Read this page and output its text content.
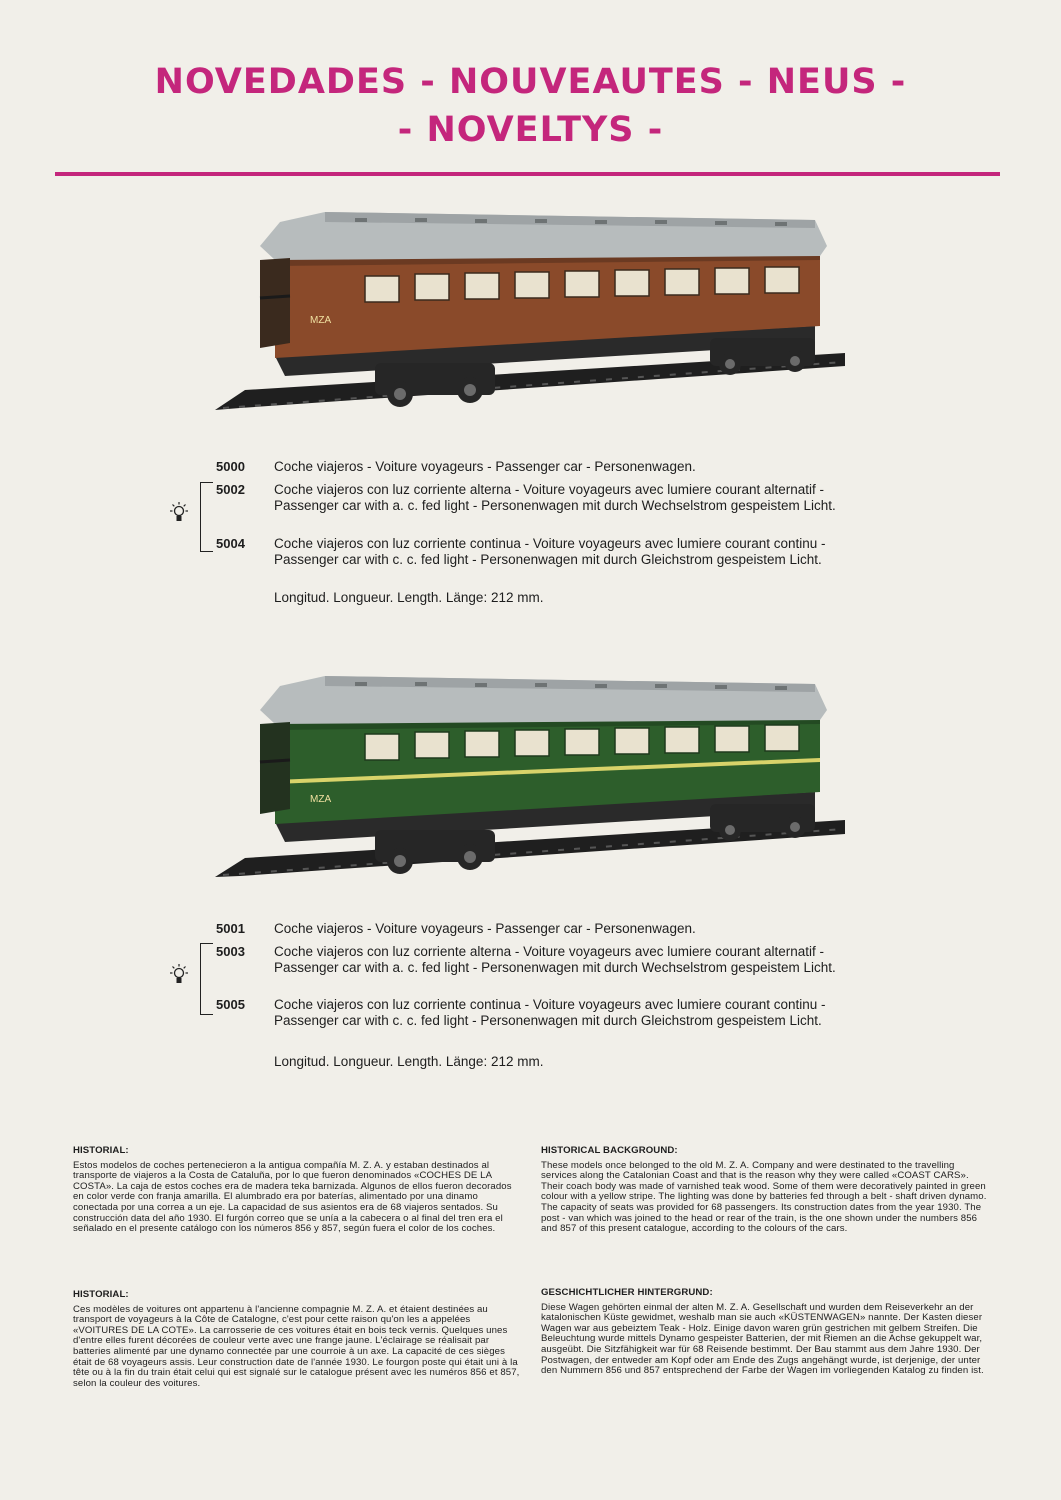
NOVEDADES - NOUVEAUTES - NEUS -
- NOVELTYS -
MZA
5000	Coche viajeros - Voiture voyageurs - Passenger car - Personenwagen.
5002	Coche viajeros con luz corriente alterna - Voiture voyageurs avec lumiere courant alternatif - Passenger car with a. c. fed light - Personenwagen mit durch Wechselstrom gespeistem Licht.
5004	Coche viajeros con luz corriente continua - Voiture voyageurs avec lumiere courant continu - Passenger car with c. c. fed light - Personenwagen mit durch Gleichstrom gespeistem Licht.
Longitud. Longueur. Length. Länge: 212 mm.
MZA
5001	Coche viajeros - Voiture voyageurs - Passenger car - Personenwagen.
5003	Coche viajeros con luz corriente alterna - Voiture voyageurs avec lumiere courant alternatif - Passenger car with a. c. fed light - Personenwagen mit durch Wechselstrom gespeistem Licht.
5005	Coche viajeros con luz corriente continua - Voiture voyageurs avec lumiere courant continu - Passenger car with c. c. fed light - Personenwagen mit durch Gleichstrom gespeistem Licht.
Longitud. Longueur. Length. Länge: 212 mm.
HISTORIAL:

Estos modelos de coches pertenecieron a la antigua compañía M. Z. A. y estaban destinados al transporte de viajeros a la Costa de Cataluña, por lo que fueron denominados «COCHES DE LA COSTA». La caja de estos coches era de madera teka barnizada. Algunos de ellos fueron decorados en color verde con franja amarilla. El alumbrado era por baterías, alimentado por una dinamo conectada por una correa a un eje. La capacidad de sus asientos era de 68 viajeros sentados. Su construcción data del año 1930. El furgón correo que se unía a la cabecera o al final del tren era el señalado en el presente catálogo con los números 856 y 857, según fuera el color de los coches.

HISTORIAL:

Ces modèles de voitures ont appartenu à l'ancienne compagnie M. Z. A. et étaient destinées au transport de voyageurs à la Côte de Catalogne, c'est pour cette raison qu'on les a appelées «VOITURES DE LA COTE». La carrosserie de ces voitures était en bois teck vernis. Quelques unes d'entre elles furent décorées de couleur verte avec une frange jaune. L'éclairage se réalisait par batteries alimenté par une dynamo connectée par une courroie à un axe. La capacité de ces sièges était de 68 voyageurs assis. Leur construction date de l'année 1930. Le fourgon poste qui était uni à la tête ou à la fin du train était celui qui est signalé sur le catalogue présent avec les numéros 856 et 857, selon la couleur des voitures.

HISTORICAL BACKGROUND:

These models once belonged to the old M. Z. A. Company and were destinated to the travelling services along the Catalonian Coast and that is the reason why they were called «COAST CARS». Their coach body was made of varnished teak wood. Some of them were decoratively painted in green colour with a yellow stripe. The lighting was done by batteries fed through a belt - shaft driven dynamo. The capacity of seats was provided for 68 passengers. Its construction dates from the year 1930. The post - van which was joined to the head or rear of the train, is the one shown under the numbers 856 and 857 of this present catalogue, according to the colours of the cars.

GESCHICHTLICHER HINTERGRUND:

Diese Wagen gehörten einmal der alten M. Z. A. Gesellschaft und wurden dem Reiseverkehr an der katalonischen Küste gewidmet, weshalb man sie auch «KÜSTENWAGEN» nannte. Der Kasten dieser Wagen war aus gebeiztem Teak - Holz. Einige davon waren grün gestrichen mit gelbem Streifen. Die Beleuchtung wurde mittels Dynamo gespeister Batterien, der mit Riemen an die Achse gekuppelt war, ausgeübt. Die Sitzfähigkeit war für 68 Reisende bestimmt. Der Bau stammt aus dem Jahre 1930. Der Postwagen, der entweder am Kopf oder am Ende des Zugs angehängt wurde, ist derjenige, der unter den Nummern 856 und 857 entsprechend der Farbe der Wagen im vorliegenden Katalog zu finden ist.
